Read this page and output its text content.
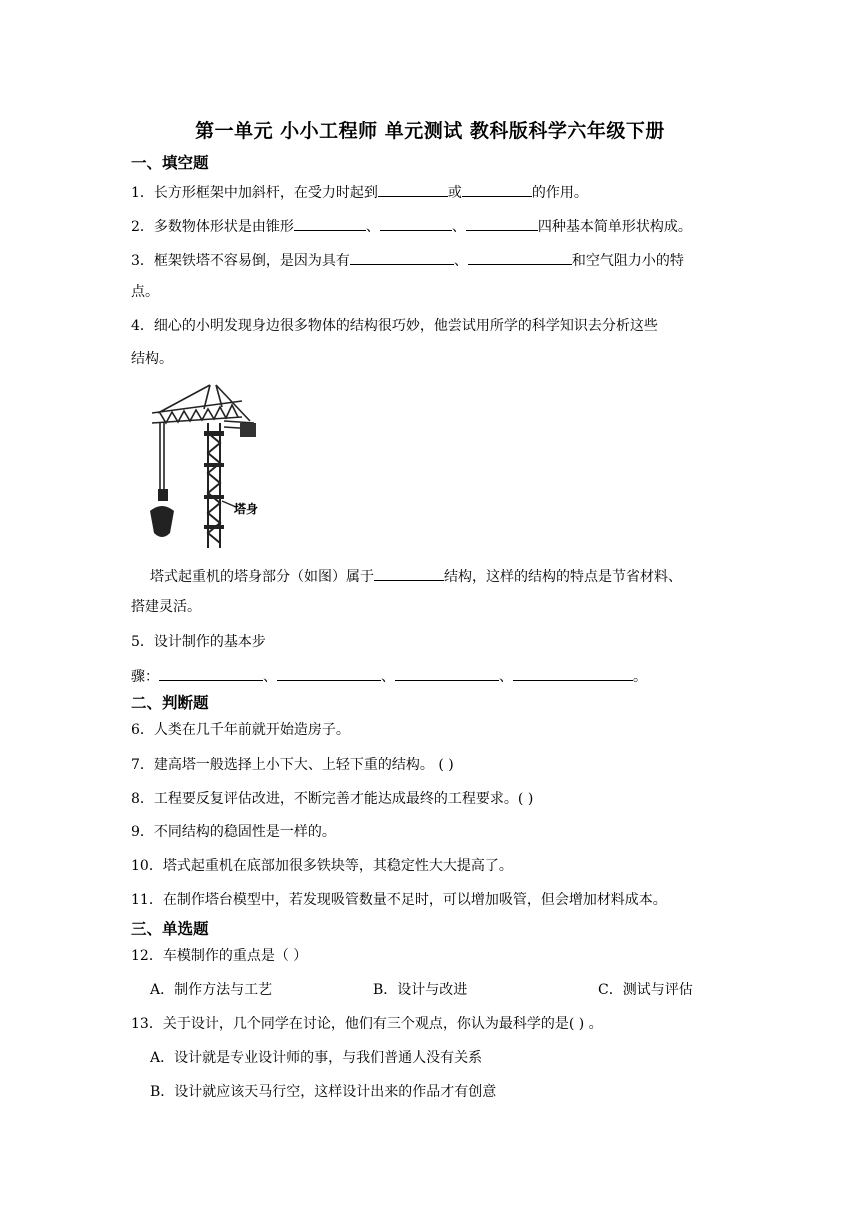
第一单元 小小工程师 单元测试 教科版科学六年级下册
一、填空题
1．长方形框架中加斜杆，在受力时起到	或	的作用。
2．多数物体形状是由锥形	、	、	四种基本简单形状构成。
3．框架铁塔不容易倒，是因为具有	、	和空气阻力小的特
点。
4．细心的小明发现身边很多物体的结构很巧妙，他尝试用所学的科学知识去分析这些
结构。
塔身
塔式起重机的塔身部分（如图）属于	结构，这样的结构的特点是节省材料、
搭建灵活。
5．设计制作的基本步
骤：	、	、	、	。
二、判断题
6．人类在几千年前就开始造房子。
7．建高塔一般选择上小下大、上轻下重的结构。 ( )
8．工程要反复评估改进，不断完善才能达成最终的工程要求。( )
9．不同结构的稳固性是一样的。
10．塔式起重机在底部加很多铁块等，其稳定性大大提高了。
11．在制作塔台模型中，若发现吸管数量不足时，可以增加吸管，但会增加材料成本。
三、单选题
12．车模制作的重点是（ ）
A．制作方法与工艺	B．设计与改进	C．测试与评估
13．关于设计，几个同学在讨论，他们有三个观点，你认为最科学的是( ) 。
A．设计就是专业设计师的事，与我们普通人没有关系
B．设计就应该天马行空，这样设计出来的作品才有创意
